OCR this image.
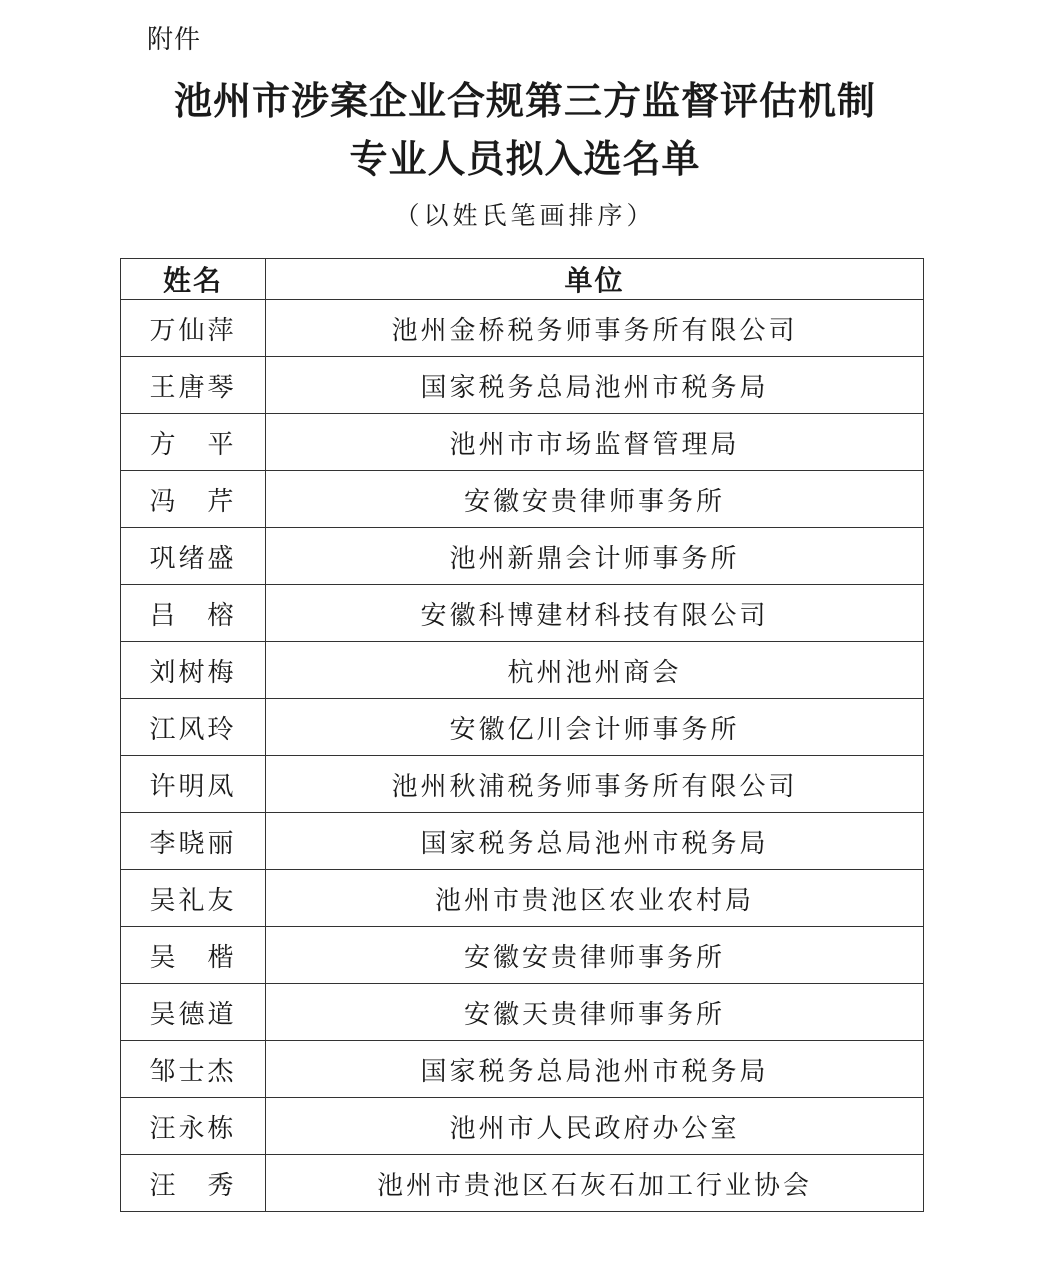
附件
池州市涉案企业合规第三方监督评估机制
专业人员拟入选名单
（以姓氏笔画排序）
姓名	单位
万仙萍	池州金桥税务师事务所有限公司
王唐琴	国家税务总局池州市税务局
方　平	池州市市场监督管理局
冯　芹	安徽安贵律师事务所
巩绪盛	池州新鼎会计师事务所
吕　榕	安徽科博建材科技有限公司
刘树梅	杭州池州商会
江风玲	安徽亿川会计师事务所
许明凤	池州秋浦税务师事务所有限公司
李晓丽	国家税务总局池州市税务局
吴礼友	池州市贵池区农业农村局
吴　楷	安徽安贵律师事务所
吴德道	安徽天贵律师事务所
邹士杰	国家税务总局池州市税务局
汪永栋	池州市人民政府办公室
汪　秀	池州市贵池区石灰石加工行业协会
